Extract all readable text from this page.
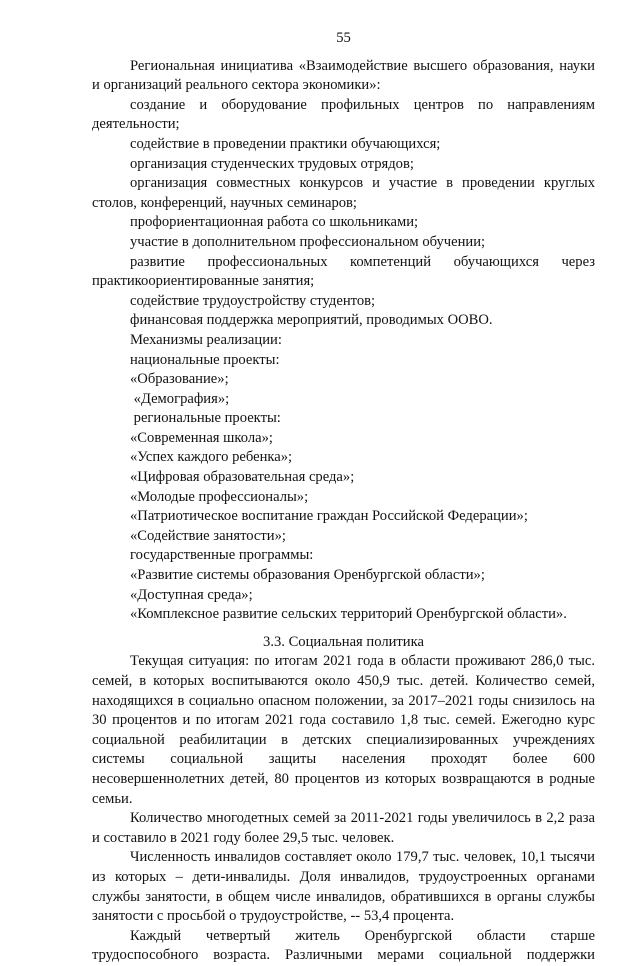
55

Региональная инициатива «Взаимодействие высшего образования, науки и организаций реального сектора экономики»:

создание и оборудование профильных центров по направлениям деятельности;

содействие в проведении практики обучающихся;

организация студенческих трудовых отрядов;

организация совместных конкурсов и участие в проведении круглых столов, конференций, научных семинаров;

профориентационная работа со школьниками;

участие в дополнительном профессиональном обучении;

развитие профессиональных компетенций обучающихся через практикоориентированные занятия;

содействие трудоустройству студентов;

финансовая поддержка мероприятий, проводимых ООВО.

Механизмы реализации:

национальные проекты:

«Образование»;

«Демография»;

региональные проекты:

«Современная школа»;

«Успех каждого ребенка»;

«Цифровая образовательная среда»;

«Молодые профессионалы»;

«Патриотическое воспитание граждан Российской Федерации»;

«Содействие занятости»;

государственные программы:

«Развитие системы образования Оренбургской области»;

«Доступная среда»;

«Комплексное развитие сельских территорий Оренбургской области».

3.3. Социальная политика

Текущая ситуация: по итогам 2021 года в области проживают 286,0 тыс. семей, в которых воспитываются около 450,9 тыс. детей. Количество семей, находящихся в социально опасном положении, за 2017–2021 годы снизилось на 30 процентов и по итогам 2021 года составило 1,8 тыс. семей. Ежегодно курс социальной реабилитации в детских специализированных учреждениях системы социальной защиты населения проходят более 600 несовершеннолетних детей, 80 процентов из которых возвращаются в родные семьи.

Количество многодетных семей за 2011-2021 годы увеличилось в 2,2 раза и составило в 2021 году более 29,5 тыс. человек.

Численность инвалидов составляет около 179,7 тыс. человек, 10,1 тысячи из которых – дети-инвалиды. Доля инвалидов, трудоустроенных органами службы занятости, в общем числе инвалидов, обратившихся в органы службы занятости с просьбой о трудоустройстве, -- 53,4 процента.

Каждый четвертый житель Оренбургской области старше трудоспособного возраста. Различными мерами социальной поддержки
